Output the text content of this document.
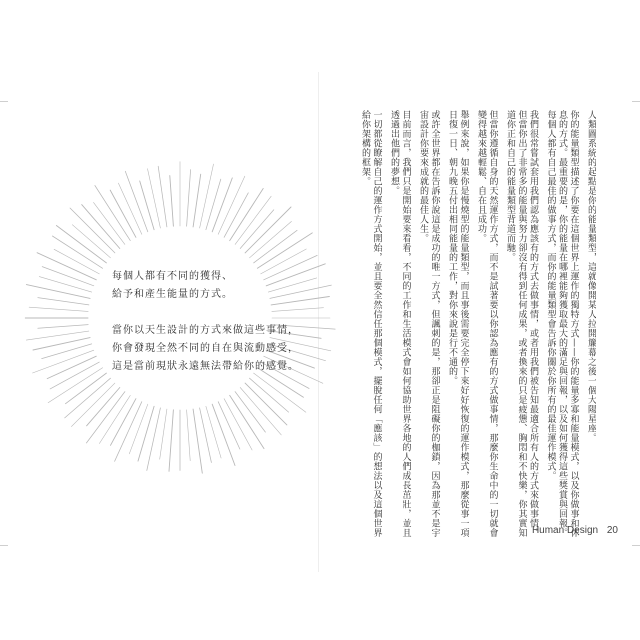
每個人都有不同的獲得、
給予和產生能量的方式。
當你以天生設計的方式來做這些事情，
你會發現全然不同的自在與流動感受，
這是當前現狀永遠無法帶給你的感覺。	人類圖系統的起點是你的能量類型，這就像開某人拉開簾幕之後一個大陽星座。

你的能量類型描述了你要在這個世界上運作的獨特方式——你的能量多寡和能量模式，以及你做事和休息的方式。最重要的是，你的能量在哪裡能夠獲取最大的滿足與回報，以及如何獲得這些獎賞與回報。每個人都有自己最佳的做事方式，而你的能量類型會告訴你關於你所有的最佳運作模式。

我們很常嘗試套用我們認為應該有的方式去做事情，或者用我們被告知最適合所有人的方式來做事情。但當你出了非常多的能量與努力卻沒有得到任何成果，或者換來的只是疲憊、胸悶和不快樂，你其實知道你正和自己的能量類型背道而馳。

但當你遵循自身的天然運作方式，而不是試著要以你認為應有的方式做事情，那麼你生命中的一切就會變得越來越輕鬆、自在且成功。

舉例來說，如果你是慢燒型的能量類型，而且事後需要完全停下來好好恢復的運作模式，那麼從事一項日復一日、朝九晚五付出相同能量的工作，對你來說是行不通的。

或許全世界都在告訴你說這是成功的唯一方式，但諷刺的是，那卻正是阻礙你的枷鎖，因為那並不是宇宙設計你要來成就的最佳人生。

目前而言，我們只是開始要來看看，不同的工作和生活模式會如何協助世界各地的人們成長茁壯，並且透過出他們的夢想。

一切都從瞭解自己的運作方式開始，並且要全然信任那個模式，擺脫任何「應該」的想法以及這個世界給你架構的框架。

Human Design 20
